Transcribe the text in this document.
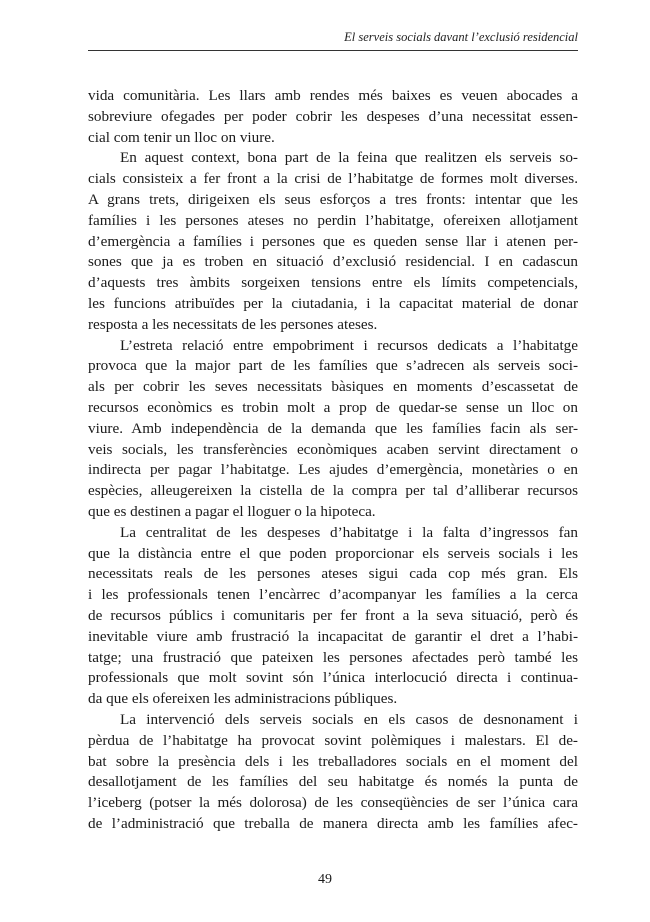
El serveis socials davant l’exclusió residencial
vida comunitària. Les llars amb rendes més baixes es veuen abocades a
sobreviure ofegades per poder cobrir les despeses d’una necessitat essen-
cial com tenir un lloc on viure.
En aquest context, bona part de la feina que realitzen els serveis so-
cials consisteix a fer front a la crisi de l’habitatge de formes molt diverses.
A grans trets, dirigeixen els seus esforços a tres fronts: intentar que les
famílies i les persones ateses no perdin l’habitatge, ofereixen allotjament
d’emergència a famílies i persones que es queden sense llar i atenen per-
sones que ja es troben en situació d’exclusió residencial. I en cadascun
d’aquests tres àmbits sorgeixen tensions entre els límits competencials,
les funcions atribuïdes per la ciutadania, i la capacitat material de donar
resposta a les necessitats de les persones ateses.
L’estreta relació entre empobriment i recursos dedicats a l’habitatge
provoca que la major part de les famílies que s’adrecen als serveis soci-
als per cobrir les seves necessitats bàsiques en moments d’escassetat de
recursos econòmics es trobin molt a prop de quedar-se sense un lloc on
viure. Amb independència de la demanda que les famílies facin als ser-
veis socials, les transferències econòmiques acaben servint directament o
indirecta per pagar l’habitatge. Les ajudes d’emergència, monetàries o en
espècies, alleugereixen la cistella de la compra per tal d’alliberar recursos
que es destinen a pagar el lloguer o la hipoteca.
La centralitat de les despeses d’habitatge i la falta d’ingressos fan
que la distància entre el que poden proporcionar els serveis socials i les
necessitats reals de les persones ateses sigui cada cop més gran. Els
i les professionals tenen l’encàrrec d’acompanyar les famílies a la cerca
de recursos públics i comunitaris per fer front a la seva situació, però és
inevitable viure amb frustració la incapacitat de garantir el dret a l’habi-
tatge; una frustració que pateixen les persones afectades però també les
professionals que molt sovint són l’única interlocució directa i continua-
da que els ofereixen les administracions públiques.
La intervenció dels serveis socials en els casos de desnonament i
pèrdua de l’habitatge ha provocat sovint polèmiques i malestars. El de-
bat sobre la presència dels i les treballadores socials en el moment del
desallotjament de les famílies del seu habitatge és només la punta de
l’iceberg (potser la més dolorosa) de les conseqüències de ser l’única cara
de l’administració que treballa de manera directa amb les famílies afec-
49
